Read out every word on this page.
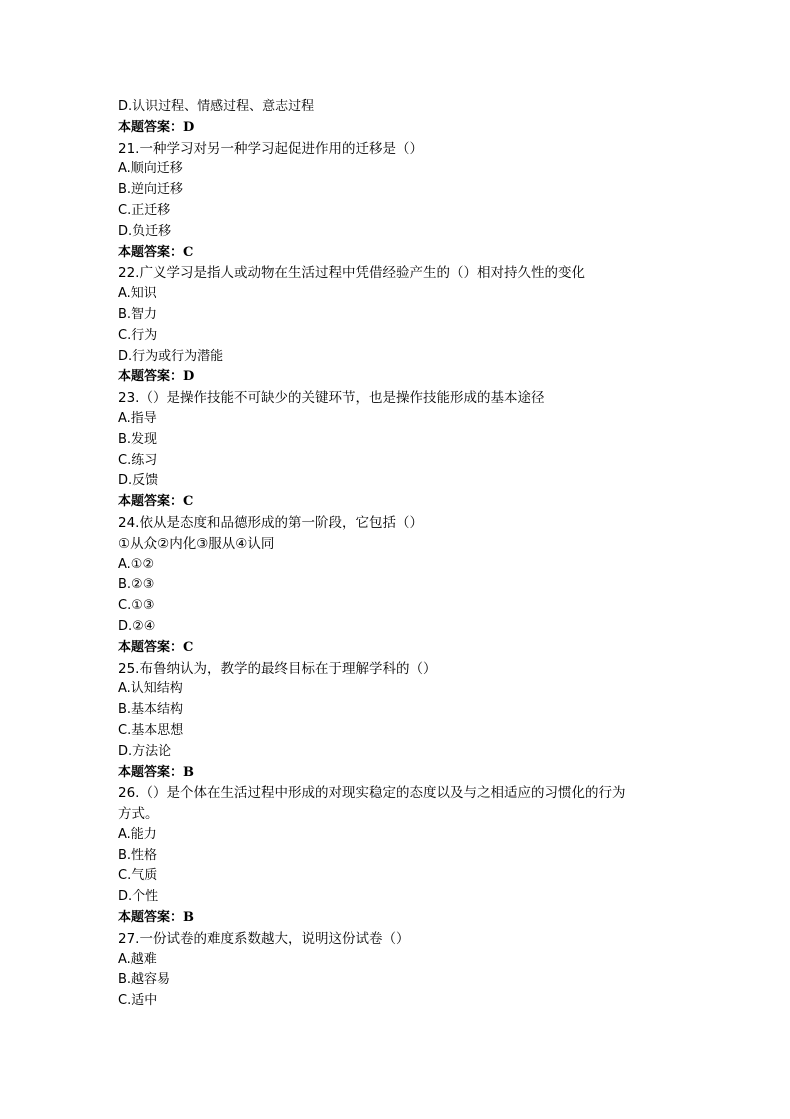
D.认识过程、情感过程、意志过程
本题答案：D
21.一种学习对另一种学习起促进作用的迁移是（）
A.顺向迁移
B.逆向迁移
C.正迁移
D.负迁移
本题答案：C
22.广义学习是指人或动物在生活过程中凭借经验产生的（）相对持久性的变化
A.知识
B.智力
C.行为
D.行为或行为潜能
本题答案：D
23.（）是操作技能不可缺少的关键环节，也是操作技能形成的基本途径
A.指导
B.发现
C.练习
D.反馈
本题答案：C
24.依从是态度和品德形成的第一阶段，它包括（）
①从众②内化③服从④认同
A.①②
B.②③
C.①③
D.②④
本题答案：C
25.布鲁纳认为，教学的最终目标在于理解学科的（）
A.认知结构
B.基本结构
C.基本思想
D.方法论
本题答案：B
26.（）是个体在生活过程中形成的对现实稳定的态度以及与之相适应的习惯化的行为
方式。
A.能力
B.性格
C.气质
D.个性
本题答案：B
27.一份试卷的难度系数越大，说明这份试卷（）
A.越难
B.越容易
C.适中
